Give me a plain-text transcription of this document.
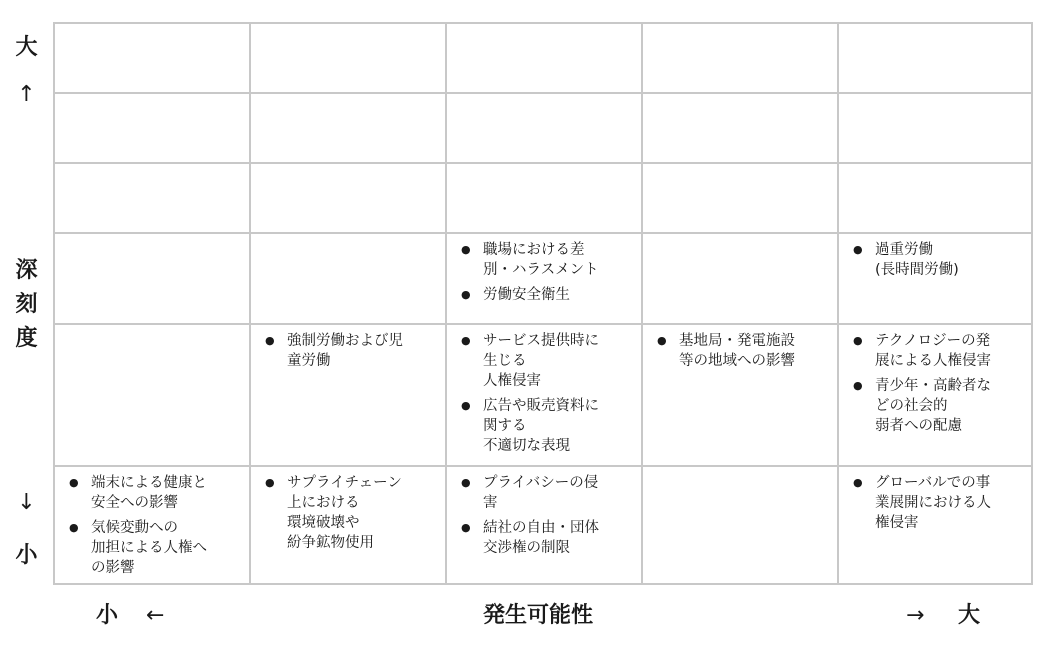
大
↑
深刻度
↓
小
● 職場における差
別・ハラスメント
● 労働安全衛生
● 過重労働
(長時間労働)
● 強制労働および児
童労働
● サービス提供時に
生じる
人権侵害
● 広告や販売資料に
関する
不適切な表現
● 基地局・発電施設
等の地域への影響
● テクノロジーの発
展による人権侵害
● 青少年・高齢者な
どの社会的
弱者への配慮
● 端末による健康と
安全への影響
● 気候変動への
加担による人権へ
の影響
● サプライチェーン
上における
環境破壊や
紛争鉱物使用
● プライバシーの侵
害
● 結社の自由・団体
交渉権の制限
● グローバルでの事
業展開における人
権侵害
小 ←	発生可能性	→ 大
